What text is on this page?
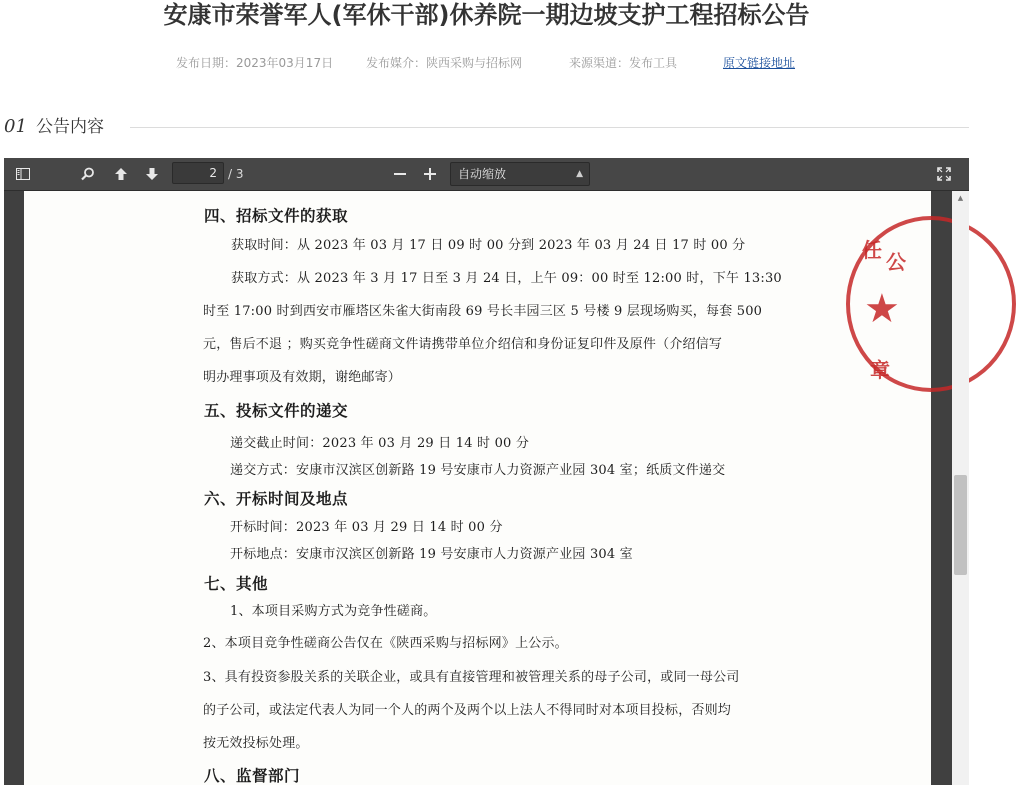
安康市荣誉军人(军休干部)休养院一期边坡支护工程招标公告
发布日期：2023年03月17日	发布媒介：陕西采购与招标网	来源渠道：发布工具	原文链接地址
01 公告内容
2
/ 3	自动缩放	▲

任 公
★
章
四、招标文件的获取
获取时间：从 2023 年 03 月 17 日 09 时 00 分到 2023 年 03 月 24 日 17 时 00 分
获取方式：从 2023 年 3 月 17 日至 3 月 24 日，上午 09：00 时至 12:00 时，下午 13:30
时至 17:00 时到西安市雁塔区朱雀大街南段 69 号长丰园三区 5 号楼 9 层现场购买，每套 500
元，售后不退 ；购买竞争性磋商文件请携带单位介绍信和身份证复印件及原件（介绍信写
明办理事项及有效期，谢绝邮寄）
五、投标文件的递交
递交截止时间：2023 年 03 月 29 日 14 时 00 分
递交方式：安康市汉滨区创新路 19 号安康市人力资源产业园 304 室；纸质文件递交
六、开标时间及地点
开标时间：2023 年 03 月 29 日 14 时 00 分
开标地点：安康市汉滨区创新路 19 号安康市人力资源产业园 304 室
七、其他
1、本项目采购方式为竞争性磋商。
2、本项目竞争性磋商公告仅在《陕西采购与招标网》上公示。
3、具有投资参股关系的关联企业，或具有直接管理和被管理关系的母子公司，或同一母公司
的子公司，或法定代表人为同一个人的两个及两个以上法人不得同时对本项目投标，否则均
按无效投标处理。
八、监督部门
▲
